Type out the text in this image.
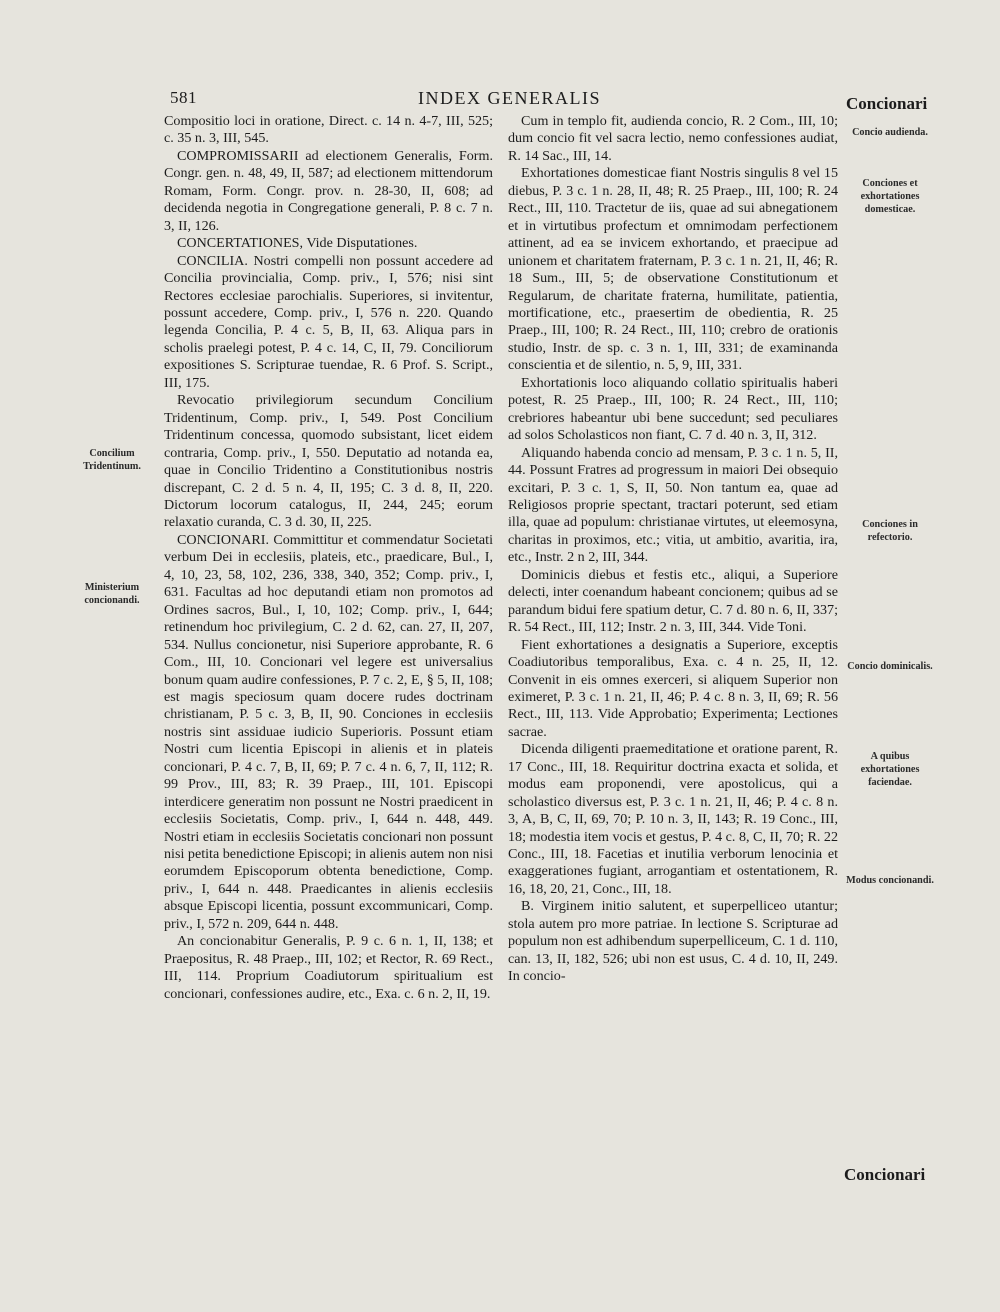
581	INDEX GENERALIS	Concionari

Compositio loci in oratione, Direct. c. 14 n. 4-7, III, 525; c. 35 n. 3, III, 545.

COMPROMISSARII ad electionem Generalis, Form. Congr. gen. n. 48, 49, II, 587; ad electionem mittendorum Romam, Form. Congr. prov. n. 28-30, II, 608; ad decidenda negotia in Congregatione generali, P. 8 c. 7 n. 3, II, 126.

CONCERTATIONES, Vide Disputationes.

CONCILIA. Nostri compelli non possunt accedere ad Concilia provincialia, Comp. priv., I, 576; nisi sint Rectores ecclesiae parochialis. Superiores, si invitentur, possunt accedere, Comp. priv., I, 576 n. 220. Quando legenda Concilia, P. 4 c. 5, B, II, 63. Aliqua pars in scholis praelegi potest, P. 4 c. 14, C, II, 79. Conciliorum expositiones S. Scripturae tuendae, R. 6 Prof. S. Script., III, 175.

Revocatio privilegiorum secundum Concilium Tridentinum, Comp. priv., I, 549. Post Concilium Tridentinum concessa, quomodo subsistant, licet eidem contraria, Comp. priv., I, 550. Deputatio ad notanda ea, quae in Concilio Tridentino a Constitutionibus nostris discrepant, C. 2 d. 5 n. 4, II, 195; C. 3 d. 8, II, 220. Dictorum locorum catalogus, II, 244, 245; eorum relaxatio curanda, C. 3 d. 30, II, 225.

CONCIONARI. Committitur et commendatur Societati verbum Dei in ecclesiis, plateis, etc., praedicare, Bul., I, 4, 10, 23, 58, 102, 236, 338, 340, 352; Comp. priv., I, 631. Facultas ad hoc deputandi etiam non promotos ad Ordines sacros, Bul., I, 10, 102; Comp. priv., I, 644; retinendum hoc privilegium, C. 2 d. 62, can. 27, II, 207, 534. Nullus concionetur, nisi Superiore approbante, R. 6 Com., III, 10. Concionari vel legere est universalius bonum quam audire confessiones, P. 7 c. 2, E, § 5, II, 108; est magis speciosum quam docere rudes doctrinam christianam, P. 5 c. 3, B, II, 90. Conciones in ecclesiis nostris sint assiduae iudicio Superioris. Possunt etiam Nostri cum licentia Episcopi in alienis et in plateis concionari, P. 4 c. 7, B, II, 69; P. 7 c. 4 n. 6, 7, II, 112; R. 99 Prov., III, 83; R. 39 Praep., III, 101. Episcopi interdicere generatim non possunt ne Nostri praedicent in ecclesiis Societatis, Comp. priv., I, 644 n. 448, 449. Nostri etiam in ecclesiis Societatis concionari non possunt nisi petita benedictione Episcopi; in alienis autem non nisi eorumdem Episcoporum obtenta benedictione, Comp. priv., I, 644 n. 448. Praedicantes in alienis ecclesiis absque Episcopi licentia, possunt excommunicari, Comp. priv., I, 572 n. 209, 644 n. 448.

An concionabitur Generalis, P. 9 c. 6 n. 1, II, 138; et Praepositus, R. 48 Praep., III, 102; et Rector, R. 69 Rect., III, 114. Proprium Coadiutorum spiritualium est concionari, confessiones audire, etc., Exa. c. 6 n. 2, II, 19.

Cum in templo fit, audienda concio, R. 2 Com., III, 10; dum concio fit vel sacra lectio, nemo confessiones audiat, R. 14 Sac., III, 14.

Exhortationes domesticae fiant Nostris singulis 8 vel 15 diebus, P. 3 c. 1 n. 28, II, 48; R. 25 Praep., III, 100; R. 24 Rect., III, 110. Tractetur de iis, quae ad sui abnegationem et in virtutibus profectum et omnimodam perfectionem attinent, ad ea se invicem exhortando, et praecipue ad unionem et charitatem fraternam, P. 3 c. 1 n. 21, II, 46; R. 18 Sum., III, 5; de observatione Constitutionum et Regularum, de charitate fraterna, humilitate, patientia, mortificatione, etc., praesertim de obedientia, R. 25 Praep., III, 100; R. 24 Rect., III, 110; crebro de orationis studio, Instr. de sp. c. 3 n. 1, III, 331; de examinanda conscientia et de silentio, n. 5, 9, III, 331.

Exhortationis loco aliquando collatio spiritualis haberi potest, R. 25 Praep., III, 100; R. 24 Rect., III, 110; crebriores habeantur ubi bene succedunt; sed peculiares ad solos Scholasticos non fiant, C. 7 d. 40 n. 3, II, 312.

Aliquando habenda concio ad mensam, P. 3 c. 1 n. 5, II, 44. Possunt Fratres ad progressum in maiori Dei obsequio excitari, P. 3 c. 1, S, II, 50. Non tantum ea, quae ad Religiosos proprie spectant, tractari poterunt, sed etiam illa, quae ad populum: christianae virtutes, ut eleemosyna, charitas in proximos, etc.; vitia, ut ambitio, avaritia, ira, etc., Instr. 2 n 2, III, 344.

Dominicis diebus et festis etc., aliqui, a Superiore delecti, inter coenandum habeant concionem; quibus ad se parandum bidui fere spatium detur, C. 7 d. 80 n. 6, II, 337; R. 54 Rect., III, 112; Instr. 2 n. 3, III, 344. Vide Toni.

Fient exhortationes a designatis a Superiore, exceptis Coadiutoribus temporalibus, Exa. c. 4 n. 25, II, 12. Convenit in eis omnes exerceri, si aliquem Superior non eximeret, P. 3 c. 1 n. 21, II, 46; P. 4 c. 8 n. 3, II, 69; R. 56 Rect., III, 113. Vide Approbatio; Experimenta; Lectiones sacrae.

Dicenda diligenti praemeditatione et oratione parent, R. 17 Conc., III, 18. Requiritur doctrina exacta et solida, et modus eam proponendi, vere apostolicus, qui a scholastico diversus est, P. 3 c. 1 n. 21, II, 46; P. 4 c. 8 n. 3, A, B, C, II, 69, 70; P. 10 n. 3, II, 143; R. 19 Conc., III, 18; modestia item vocis et gestus, P. 4 c. 8, C, II, 70; R. 22 Conc., III, 18. Facetias et inutilia verborum lenocinia et exaggerationes fugiant, arrogantiam et ostentationem, R. 16, 18, 20, 21, Conc., III, 18.

B. Virginem initio salutent, et superpelliceo utantur; stola autem pro more patriae. In lectione S. Scripturae ad populum non est adhibendum superpelliceum, C. 1 d. 110, can. 13, II, 182, 526; ubi non est usus, C. 4 d. 10, II, 249. In concio-

Concilium Tridentinum.
Ministerium concionandi.
Concio audienda.
Conciones et exhortationes domesticae.
Conciones in refectorio.
Concio dominicalis.
A quibus exhortationes faciendae.
Modus concionandi.
Concionari
